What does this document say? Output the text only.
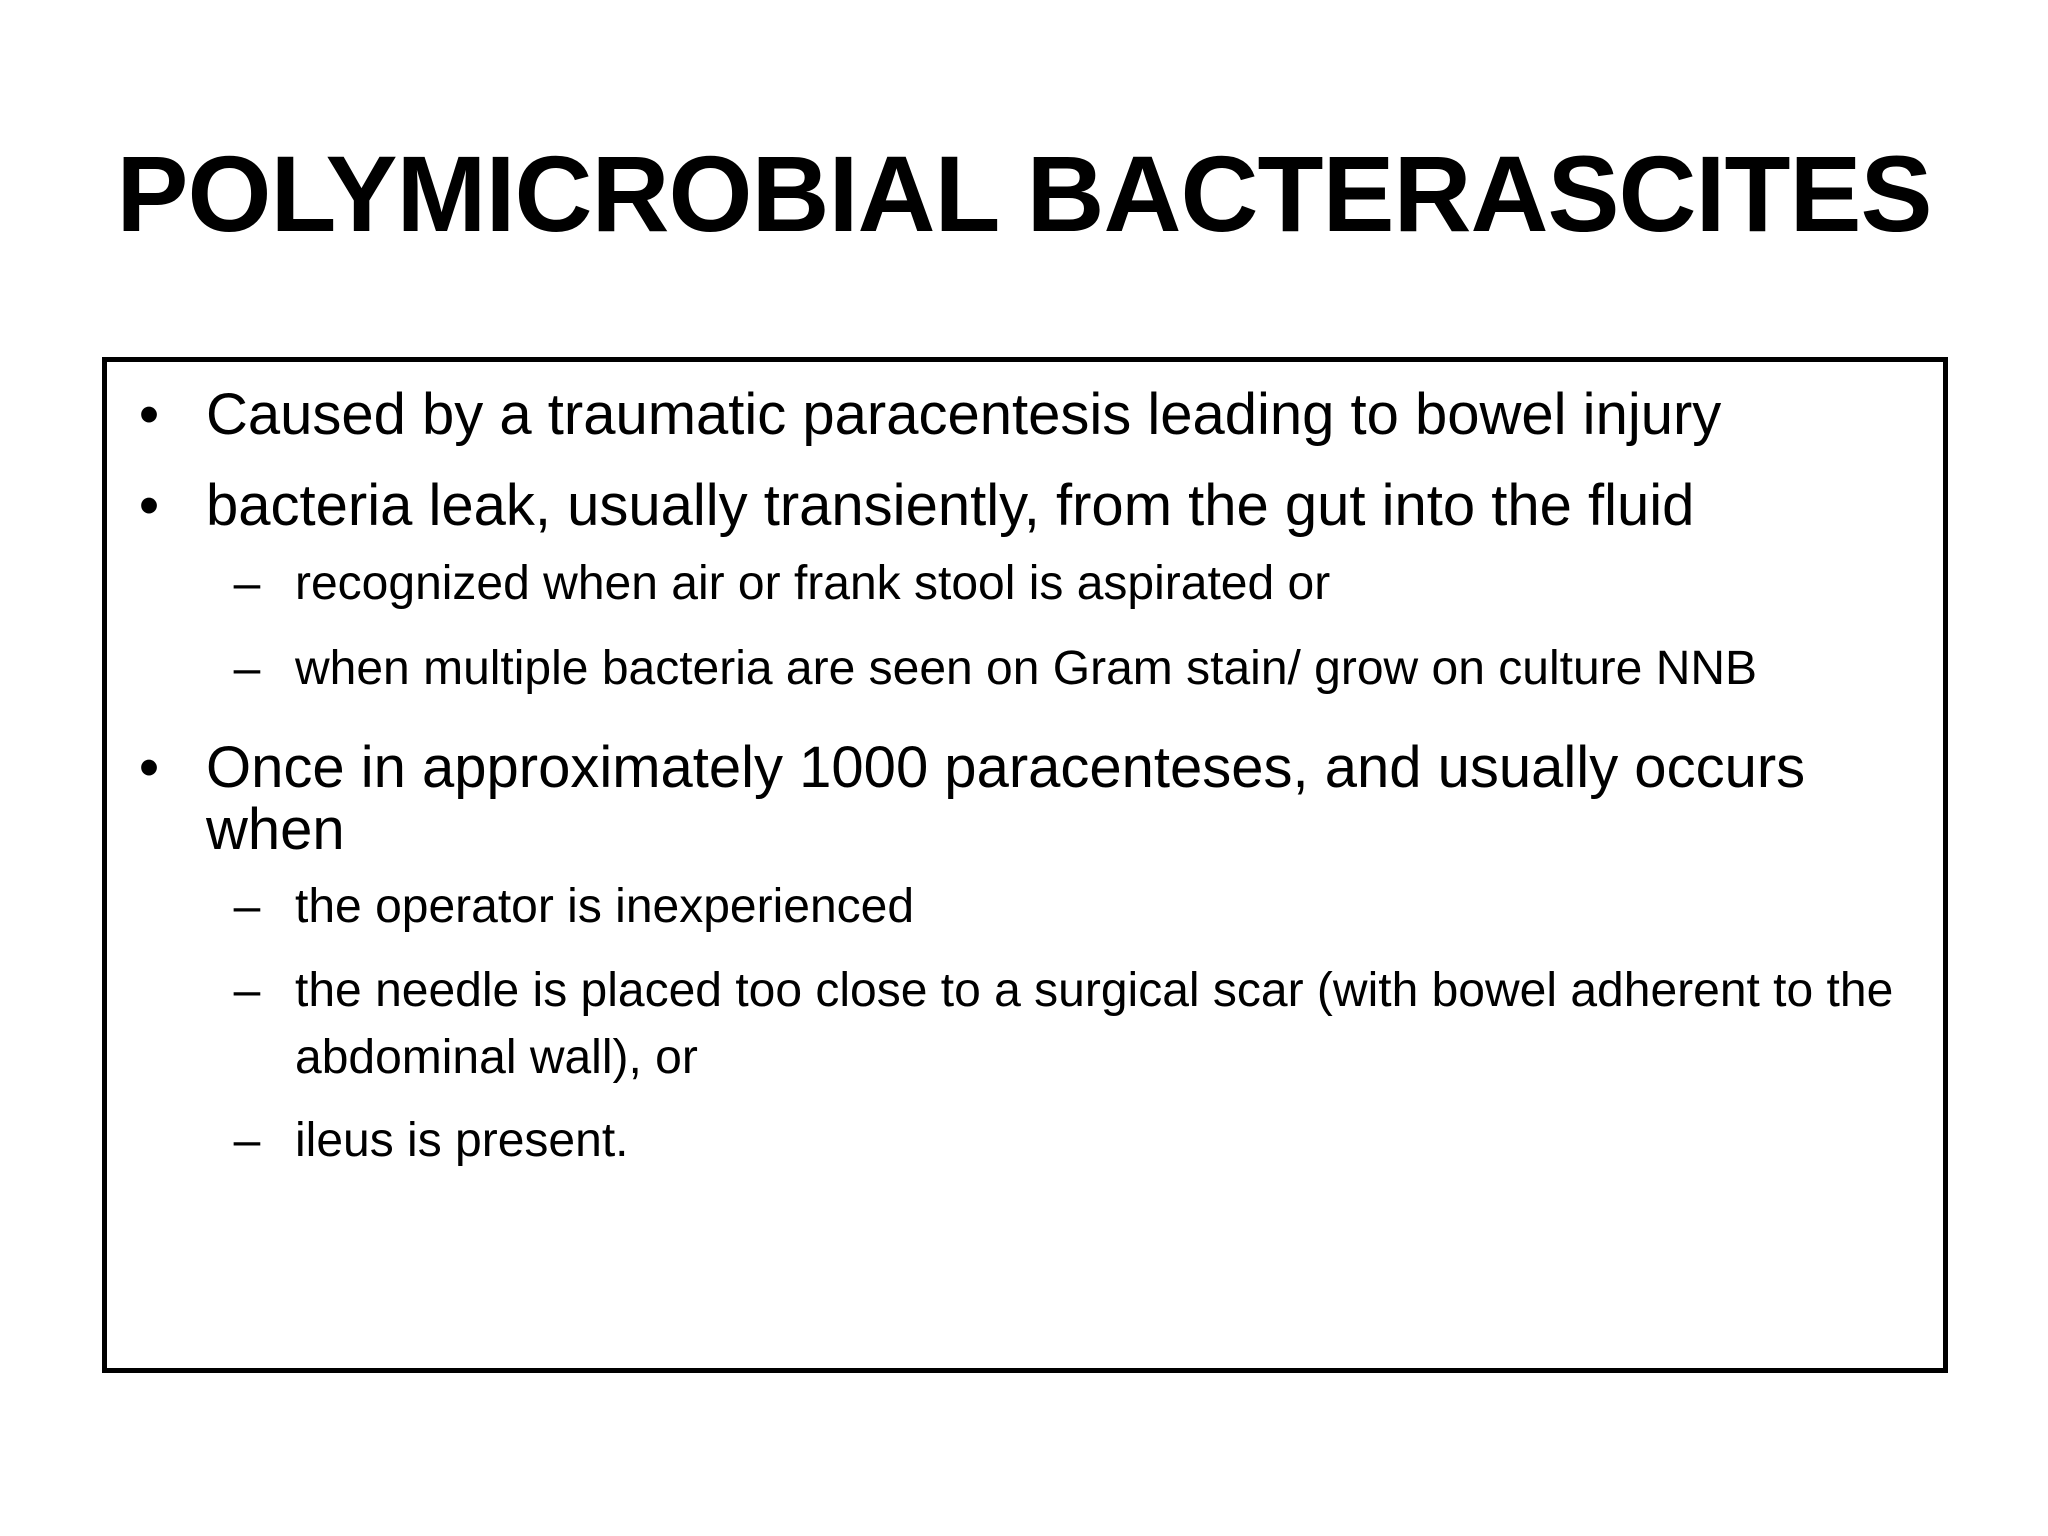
POLYMICROBIAL BACTERASCITES
• Caused by a traumatic paracentesis leading to bowel injury
• bacteria leak, usually transiently, from the gut into the fluid
– recognized when air or frank stool is aspirated or
– when multiple bacteria are seen on Gram stain/ grow on culture NNB
• Once in approximately 1000 paracenteses, and usually occurs when
– the operator is inexperienced
– the needle is placed too close to a surgical scar (with bowel adherent to the abdominal wall), or
– ileus is present.
